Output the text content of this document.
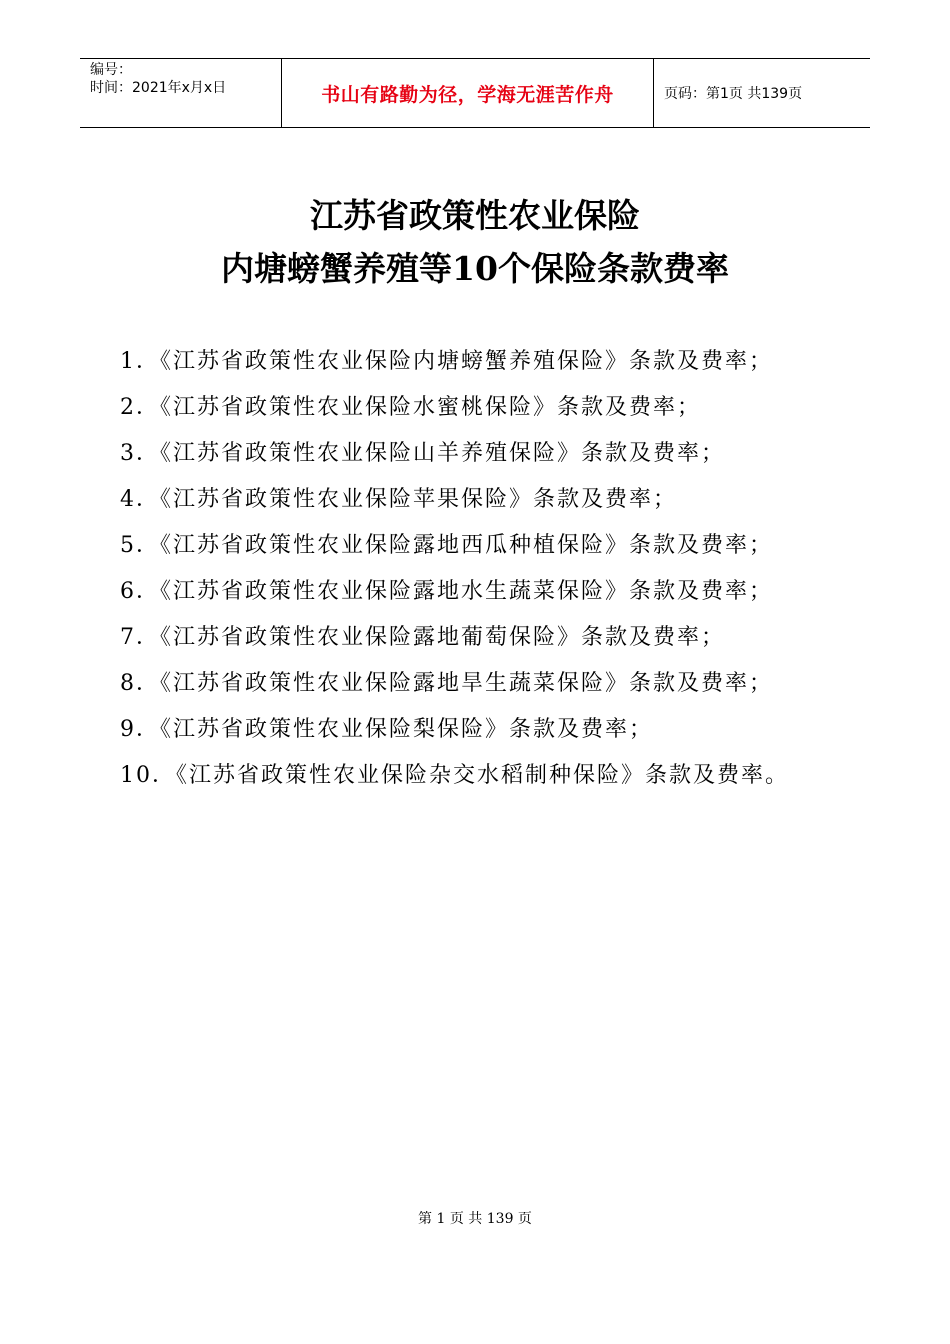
编号：
时间：2021年x月x日	书山有路勤为径，学海无涯苦作舟	页码：第1页 共139页
江苏省政策性农业保险
内塘螃蟹养殖等10个保险条款费率
1．《江苏省政策性农业保险内塘螃蟹养殖保险》条款及费率；
2．《江苏省政策性农业保险水蜜桃保险》条款及费率；
3．《江苏省政策性农业保险山羊养殖保险》条款及费率；
4．《江苏省政策性农业保险苹果保险》条款及费率；
5．《江苏省政策性农业保险露地西瓜种植保险》条款及费率；
6．《江苏省政策性农业保险露地水生蔬菜保险》条款及费率；
7．《江苏省政策性农业保险露地葡萄保险》条款及费率；
8．《江苏省政策性农业保险露地旱生蔬菜保险》条款及费率；
9．《江苏省政策性农业保险梨保险》条款及费率；
10．《江苏省政策性农业保险杂交水稻制种保险》条款及费率。
第 1 页 共 139 页
